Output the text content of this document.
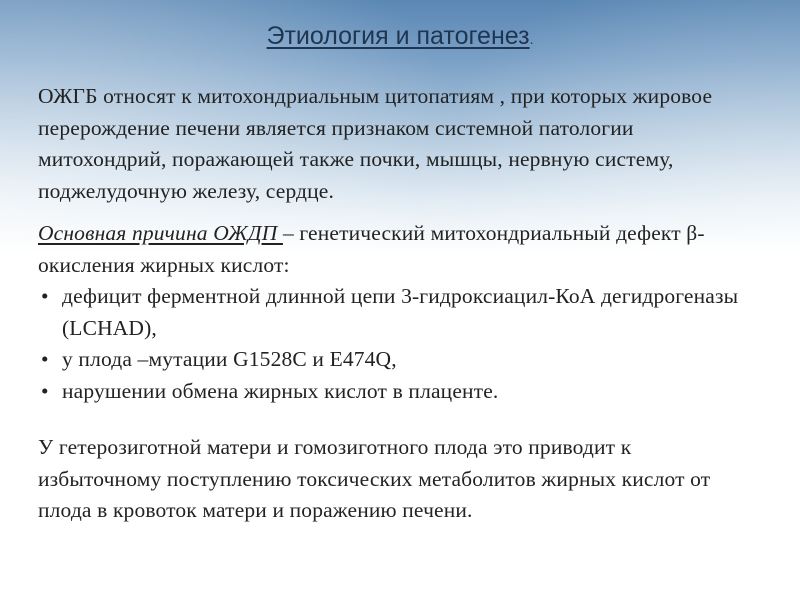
Этиология и патогенез.
ОЖГБ относят к митохондриальным цитопатиям , при которых жировое перерождение печени является признаком системной патологии митохондрий, поражающей также почки, мышцы, нервную систему, поджелудочную железу, сердце.
Основная причина ОЖДП – генетический митохондриальный дефект β-окисления жирных кислот:
• дефицит ферментной длинной цепи 3-гидроксиацил-КоА дегидрогеназы (LCHAD),
• у плода –мутации G1528C и E474Q,
• нарушении обмена жирных кислот в плаценте.
У гетерозиготной матери и гомозиготного плода это приводит к избыточному поступлению токсических метаболитов жирных кислот от плода в кровоток матери и поражению печени.
